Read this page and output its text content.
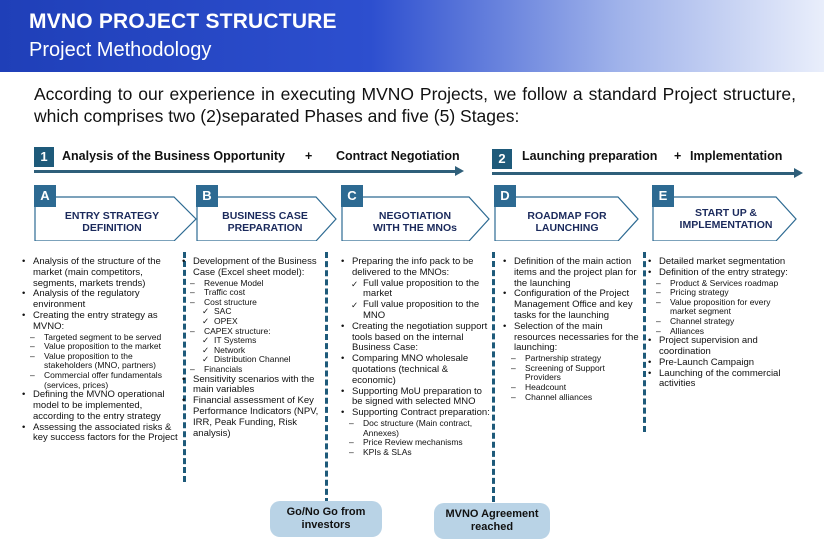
MVNO PROJECT STRUCTURE
Project Methodology
According to our experience in executing MVNO Projects, we follow a standard Project structure, which comprises two (2)separated Phases and five (5) Stages:
1	Analysis of the Business Opportunity + Contract Negotiation	2	Launching preparation + Implementation
A
ENTRY STRATEGY
DEFINITION
B
BUSINESS CASE
PREPARATION
C
NEGOTIATION
WITH THE MNOs
D
ROADMAP FOR
LAUNCHING
E
START UP &
IMPLEMENTATION
• Analysis of the structure of the market (main competitors, segments, markets trends)
• Analysis of the regulatory environment
• Creating the entry strategy as MVNO:
– Targeted segment to be served
– Value proposition to the market
– Value proposition to the stakeholders (MNO, partners)
– Commercial offer fundamentals (services, prices)
• Defining the MVNO operational model to be implemented, according to the entry strategy
• Assessing the associated risks & key success factors for the Project
• Development of the Business Case (Excel sheet model):
– Revenue Model
– Traffic cost
– Cost structure
✓ SAC
✓ OPEX
– CAPEX structure:
✓ IT Systems
✓ Network
✓ Distribution Channel
– Financials
• Sensitivity scenarios with the main variables
• Financial assessment of Key Performance Indicators (NPV, IRR, Peak Funding, Risk analysis)
• Preparing the info pack to be delivered to the MNOs:
✓ Full value proposition to the market
✓ Full value proposition to the MNO
• Creating the negotiation support tools based on the internal Business Case:
• Comparing MNO wholesale quotations (technical & economic)
• Supporting MoU preparation to be signed with selected MNO
• Supporting Contract preparation:
– Doc structure (Main contract, Annexes)
– Price Review mechanisms
– KPIs & SLAs
• Definition of the main action items and the project plan for the launching
• Configuration of the Project Management Office and key tasks for the launching
• Selection of the main resources necessaries for the launching:
– Partnership strategy
– Screening of Support Providers
– Headcount
– Channel alliances
• Detailed market segmentation
• Definition of the entry strategy:
– Product & Services roadmap
– Pricing strategy
– Value proposition for every market segment
– Channel strategy
– Alliances
• Project supervision and coordination
• Pre-Launch Campaign
• Launching of the commercial activities
Go/No Go from investors
MVNO Agreement reached
